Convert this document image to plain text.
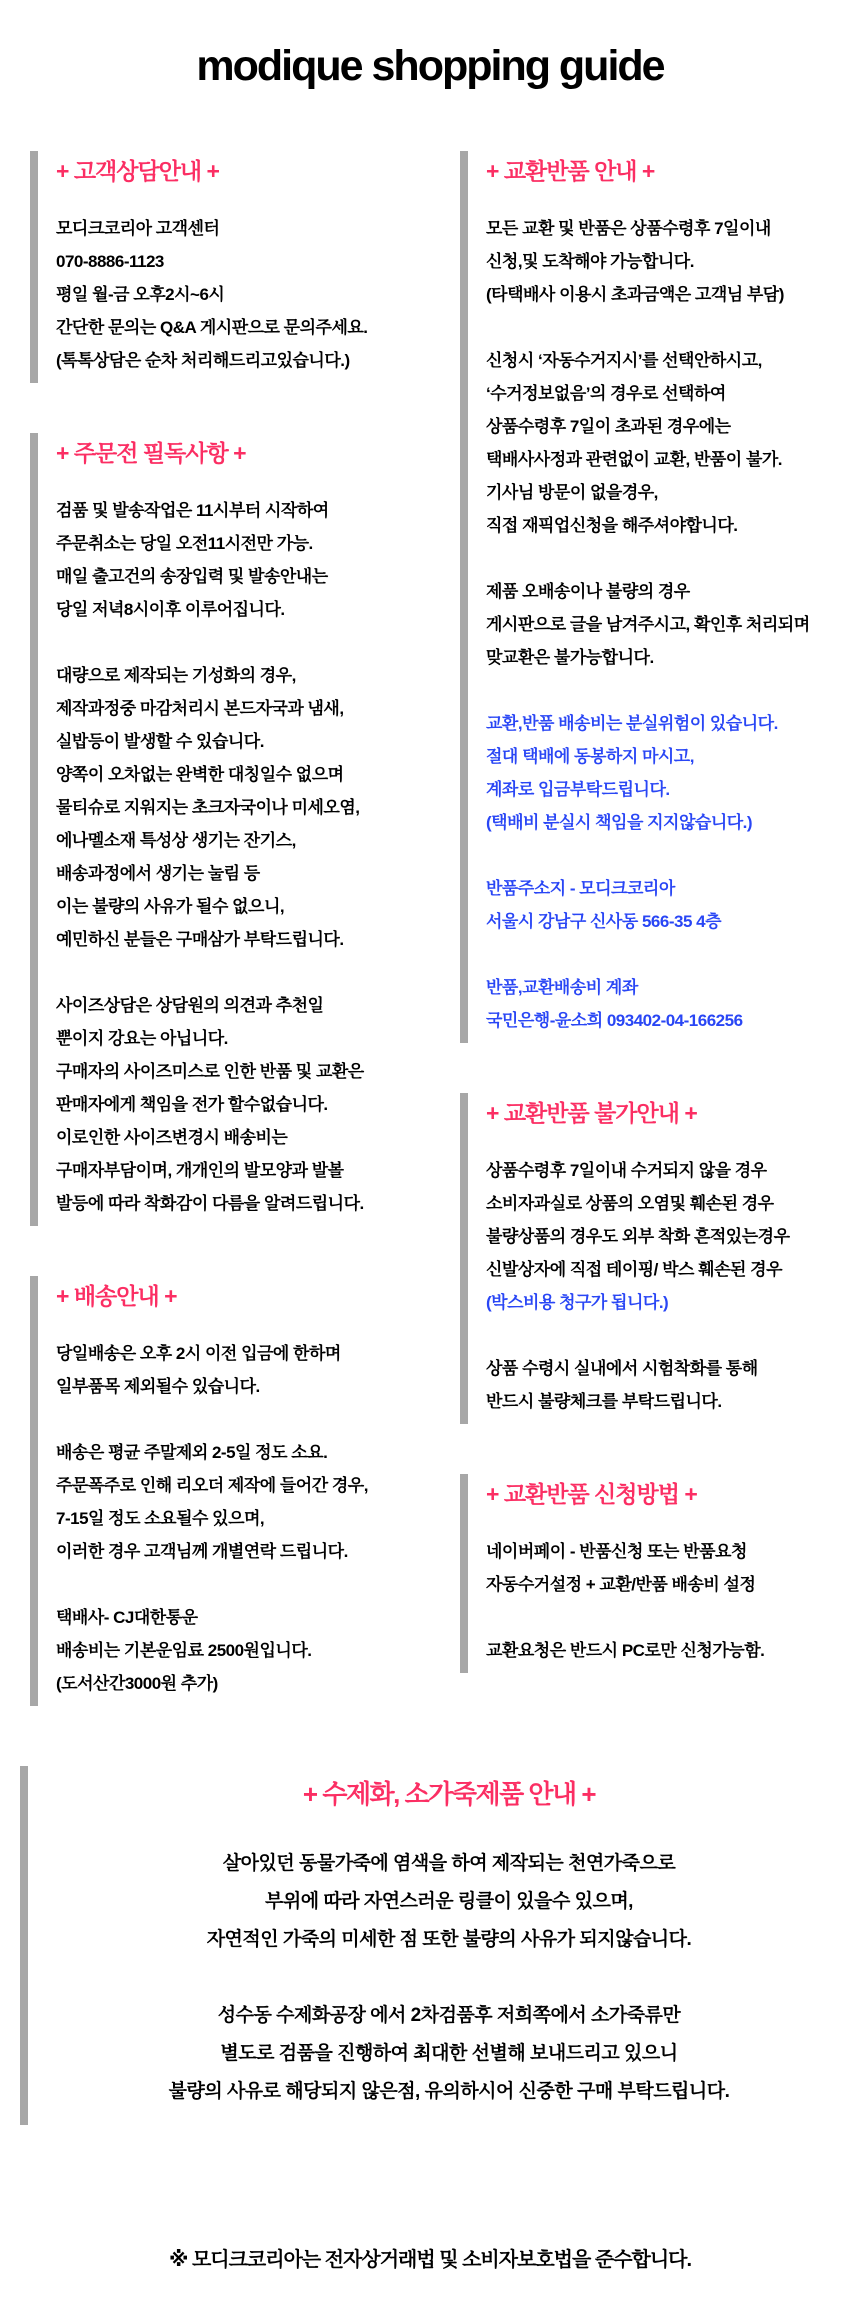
modique shopping guide
+ 고객상담안내 +

모디크코리아 고객센터
070-8886-1123
평일 월-금 오후2시~6시
간단한 문의는 Q&A 게시판으로 문의주세요.
(톡톡상담은 순차 처리해드리고있습니다.)

+ 주문전 필독사항 +

검품 및 발송작업은 11시부터 시작하여
주문취소는 당일 오전11시전만 가능.
매일 출고건의 송장입력 및 발송안내는
당일 저녁8시이후 이루어집니다.

대량으로 제작되는 기성화의 경우,
제작과정중 마감처리시 본드자국과 냄새,
실밥등이 발생할 수 있습니다.
양쪽이 오차없는 완벽한 대칭일수 없으며
물티슈로 지워지는 초크자국이나 미세오염,
에나멜소재 특성상 생기는 잔기스,
배송과정에서 생기는 눌림 등
이는 불량의 사유가 될수 없으니,
예민하신 분들은 구매삼가 부탁드립니다.

사이즈상담은 상담원의 의견과 추천일
뿐이지 강요는 아닙니다.
구매자의 사이즈미스로 인한 반품 및 교환은
판매자에게 책임을 전가 할수없습니다.
이로인한 사이즈변경시 배송비는
구매자부담이며, 개개인의 발모양과 발볼
발등에 따라 착화감이 다름을 알려드립니다.

+ 배송안내 +

당일배송은 오후 2시 이전 입금에 한하며
일부품목 제외될수 있습니다.

배송은 평균 주말제외 2-5일 정도 소요.
주문폭주로 인해 리오더 제작에 들어간 경우,
7-15일 정도 소요될수 있으며,
이러한 경우 고객님께 개별연락 드립니다.

택배사- CJ대한통운
배송비는 기본운임료 2500원입니다.
(도서산간3000원 추가)

+ 교환반품 안내 +

모든 교환 및 반품은 상품수령후 7일이내
신청,및 도착해야 가능합니다.
(타택배사 이용시 초과금액은 고객님 부담)

신청시 ‘자동수거지시’를 선택안하시고,
‘수거정보없음’의 경우로 선택하여
상품수령후 7일이 초과된 경우에는
택배사사정과 관련없이 교환, 반품이 불가.
기사님 방문이 없을경우,
직접 재픽업신청을 해주셔야합니다.

제품 오배송이나 불량의 경우
게시판으로 글을 남겨주시고, 확인후 처리되며
맞교환은 불가능합니다.

교환,반품 배송비는 분실위험이 있습니다.
절대 택배에 동봉하지 마시고,
계좌로 입금부탁드립니다.
(택배비 분실시 책임을 지지않습니다.)

반품주소지 - 모디크코리아
서울시 강남구 신사동 566-35 4층

반품,교환배송비 계좌
국민은행-윤소희 093402-04-166256

+ 교환반품 불가안내 +

상품수령후 7일이내 수거되지 않을 경우
소비자과실로 상품의 오염및 훼손된 경우
불량상품의 경우도 외부 착화 흔적있는경우
신발상자에 직접 테이핑/ 박스 훼손된 경우
(박스비용 청구가 됩니다.)

상품 수령시 실내에서 시험착화를 통해
반드시 불량체크를 부탁드립니다.

+ 교환반품 신청방법 +

네이버페이 - 반품신청 또는 반품요청
자동수거설정 + 교환/반품 배송비 설정

교환요청은 반드시 PC로만 신청가능함.

+ 수제화, 소가죽제품 안내 +

살아있던 동물가죽에 염색을 하여 제작되는 천연가죽으로
부위에 따라 자연스러운 링클이 있을수 있으며,
자연적인 가죽의 미세한 점 또한 불량의 사유가 되지않습니다.

성수동 수제화공장 에서 2차검품후 저희쪽에서 소가죽류만
별도로 검품을 진행하여 최대한 선별해 보내드리고 있으니
불량의 사유로 해당되지 않은점, 유의하시어 신중한 구매 부탁드립니다.

※ 모디크코리아는 전자상거래법 및 소비자보호법을 준수합니다.
